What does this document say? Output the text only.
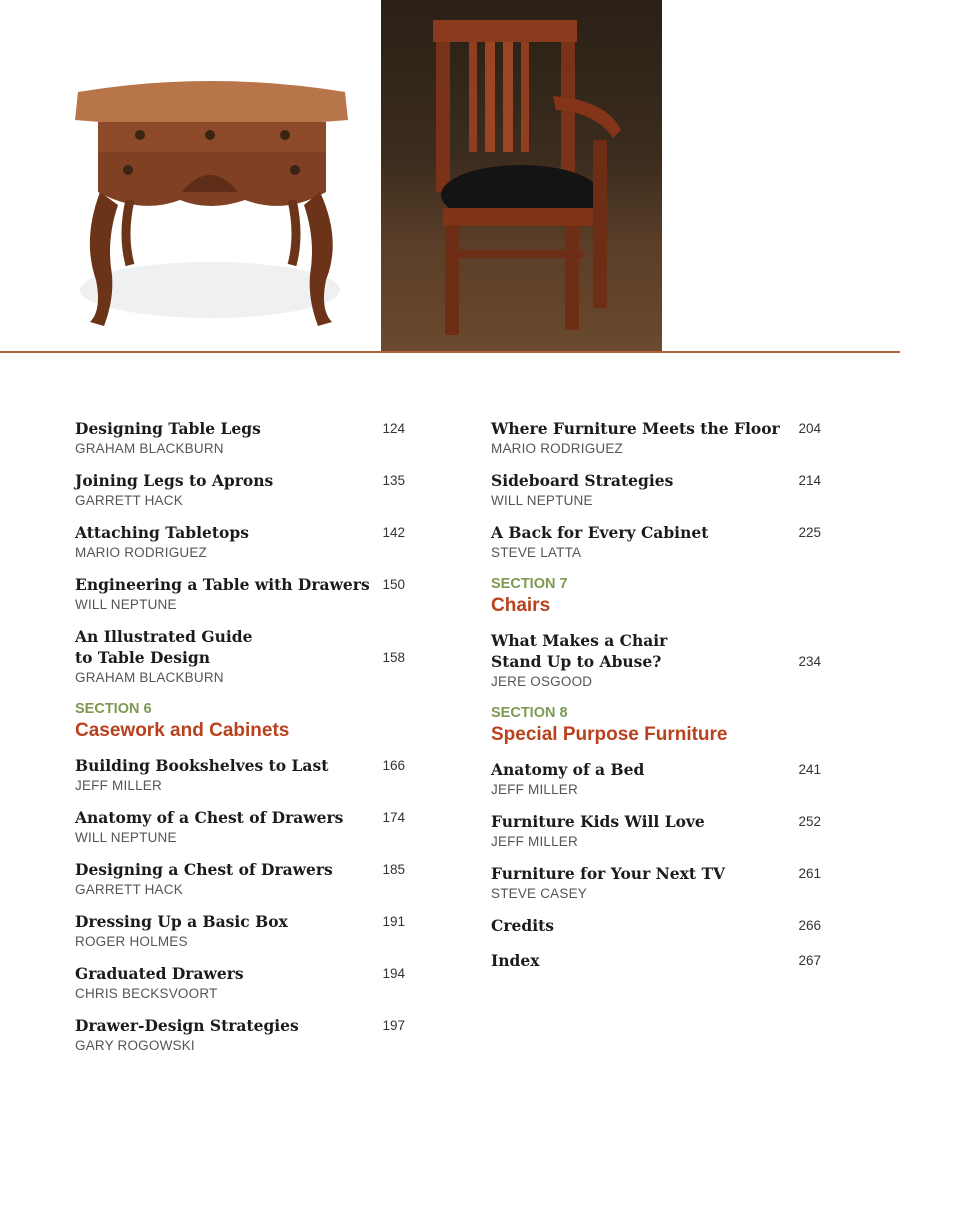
Designing Table Legs
GRAHAM BLACKBURN
124
Joining Legs to Aprons
GARRETT HACK
135
Attaching Tabletops
MARIO RODRIGUEZ
142
Engineering a Table with Drawers
WILL NEPTUNE
150
An Illustrated Guide
to Table Design
GRAHAM BLACKBURN
158
SECTION 6
Casework and Cabinets
Building Bookshelves to Last
JEFF MILLER
166
Anatomy of a Chest of Drawers
WILL NEPTUNE
174
Designing a Chest of Drawers
GARRETT HACK
185
Dressing Up a Basic Box
ROGER HOLMES
191
Graduated Drawers
CHRIS BECKSVOORT
194
Drawer-Design Strategies
GARY ROGOWSKI
197
Where Furniture Meets the Floor
MARIO RODRIGUEZ
204
Sideboard Strategies
WILL NEPTUNE
214
A Back for Every Cabinet
STEVE LATTA
225
SECTION 7
Chairs
What Makes a Chair
Stand Up to Abuse?
JERE OSGOOD
234
SECTION 8
Special Purpose Furniture
Anatomy of a Bed
JEFF MILLER
241
Furniture Kids Will Love
JEFF MILLER
252
Furniture for Your Next TV
STEVE CASEY
261
Credits	266
Index	267
